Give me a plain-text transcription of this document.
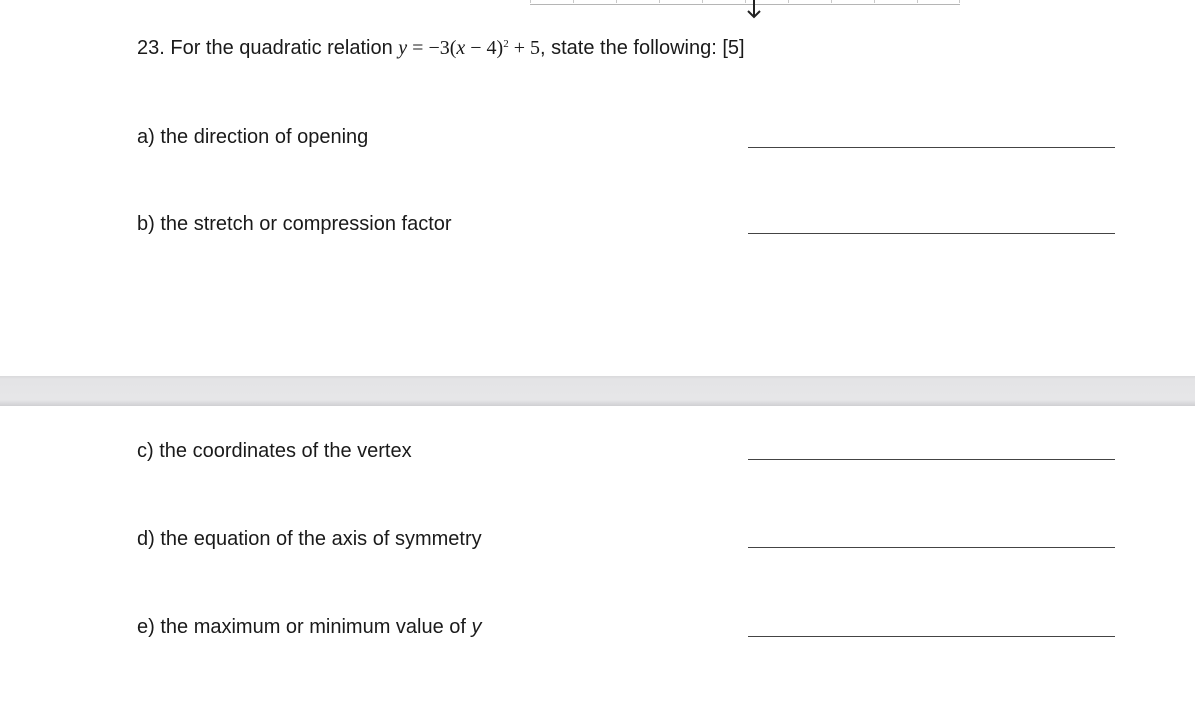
23. For the quadratic relation $y = -3(x - 4)^2 + 5$, state the following: [5]
a) the direction of opening
b) the stretch or compression factor
c) the coordinates of the vertex
d) the equation of the axis of symmetry
e) the maximum or minimum value of y
